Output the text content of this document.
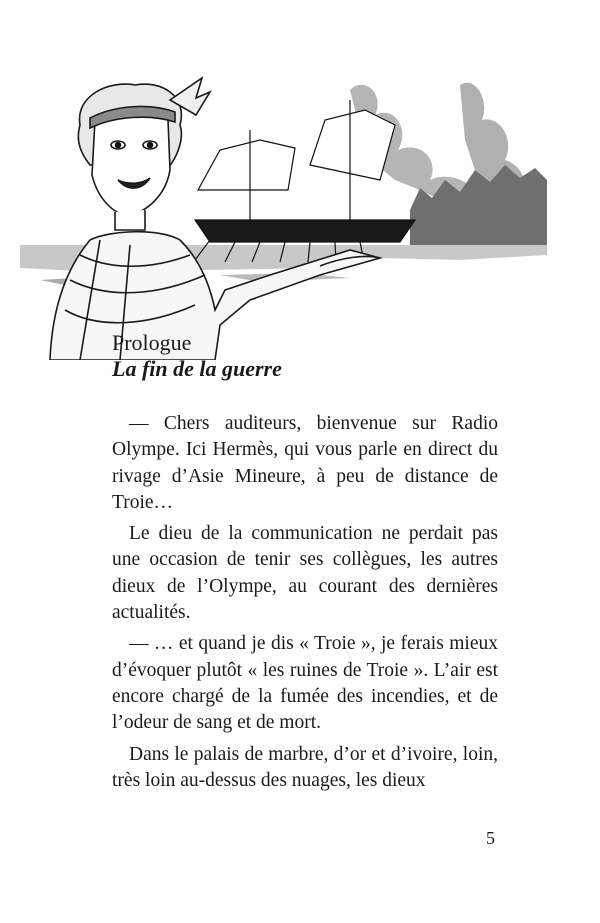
Prologue
La fin de la guerre

— Chers auditeurs, bienvenue sur Radio Olympe. Ici Hermès, qui vous parle en direct du rivage d’Asie Mineure, à peu de distance de Troie…

Le dieu de la communication ne perdait pas une occasion de tenir ses collègues, les autres dieux de l’Olympe, au courant des dernières actualités.

— … et quand je dis « Troie », je ferais mieux d’évoquer plutôt « les ruines de Troie ». L’air est encore chargé de la fumée des incendies, et de l’odeur de sang et de mort.

Dans le palais de marbre, d’or et d’ivoire, loin, très loin au-dessus des nuages, les dieux

5
